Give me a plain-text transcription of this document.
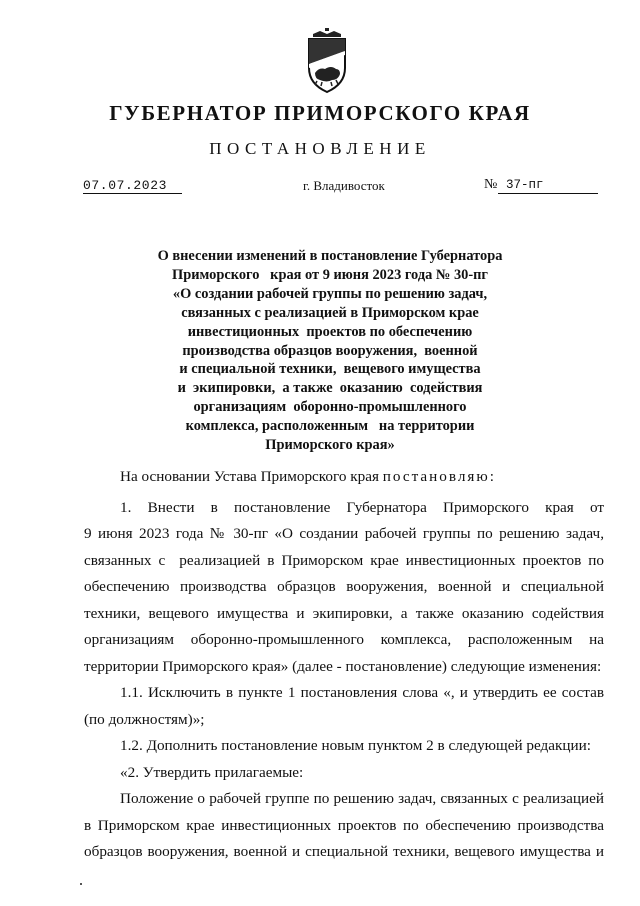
ГУБЕРНАТОР ПРИМОРСКОГО КРАЯ
ПОСТАНОВЛЕНИЕ
07.07.2023	г. Владивосток	№ 37-пг
О внесении изменений в постановление Губернатора
Приморского   края от 9 июня 2023 года № 30-пг
«О создании рабочей группы по решению задач,
связанных с реализацией в Приморском крае
инвестиционных  проектов по обеспечению
производства образцов вооружения,  военной
и специальной техники,  вещевого имущества
и  экипировки,  а также  оказанию  содействия
организациям  оборонно-промышленного
комплекса, расположенным   на территории
Приморского края»

На основании Устава Приморского края постановляю:

1.   Внести   в   постановление   Губернатора   Приморского   края   от
9 июня 2023 года № 30-пг «О создании рабочей группы по решению задач,
связанных с  реализацией в Приморском крае инвестиционных проектов по
обеспечению производства образцов вооружения, военной и специальной
техники, вещевого имущества и экипировки, а также оказанию содействия
организациям оборонно-промышленного комплекса, расположенным на
территории Приморского края» (далее - постановление) следующие изменения:

1.1. Исключить в пункте 1 постановления слова «, и утвердить ее состав
(по должностям)»;

1.2. Дополнить постановление новым пунктом 2 в следующей редакции:

«2. Утвердить прилагаемые:

Положение о рабочей группе по решению задач, связанных с реализацией
в Приморском крае инвестиционных проектов по обеспечению производства
образцов вооружения, военной и специальной техники, вещевого имущества и
